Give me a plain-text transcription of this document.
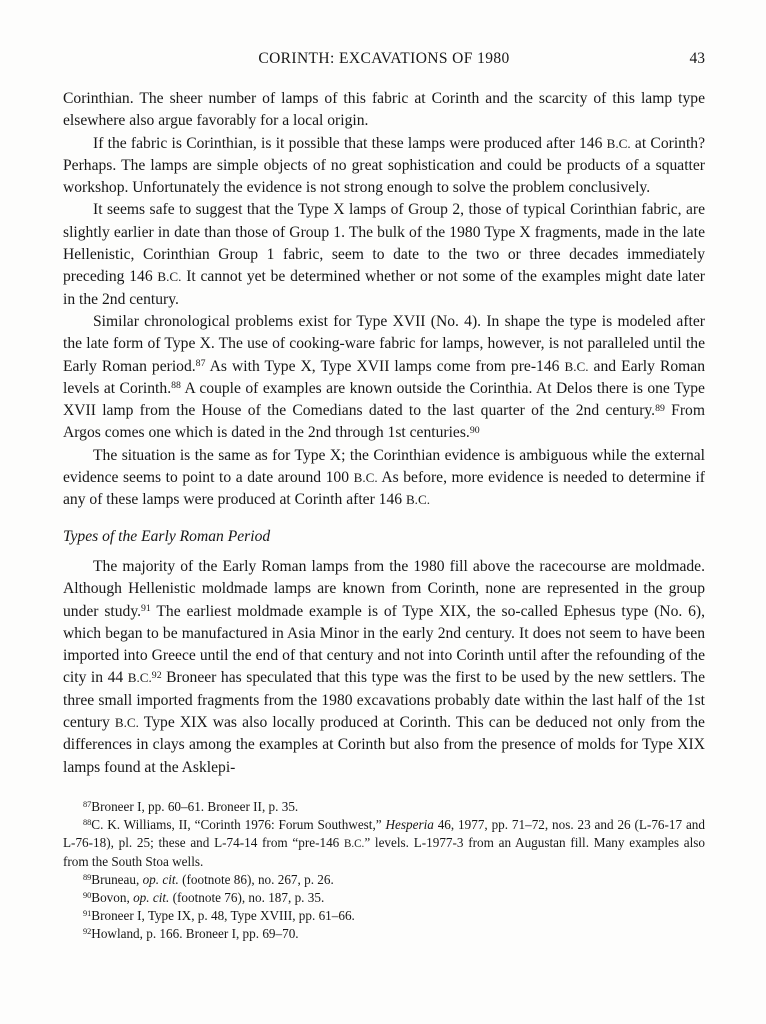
CORINTH: EXCAVATIONS OF 1980	43

Corinthian. The sheer number of lamps of this fabric at Corinth and the scarcity of this lamp type elsewhere also argue favorably for a local origin.

If the fabric is Corinthian, is it possible that these lamps were produced after 146 B.C. at Corinth? Perhaps. The lamps are simple objects of no great sophistication and could be products of a squatter workshop. Unfortunately the evidence is not strong enough to solve the problem conclusively.

It seems safe to suggest that the Type X lamps of Group 2, those of typical Corinthian fabric, are slightly earlier in date than those of Group 1. The bulk of the 1980 Type X fragments, made in the late Hellenistic, Corinthian Group 1 fabric, seem to date to the two or three decades immediately preceding 146 B.C. It cannot yet be determined whether or not some of the examples might date later in the 2nd century.

Similar chronological problems exist for Type XVII (No. 4). In shape the type is modeled after the late form of Type X. The use of cooking-ware fabric for lamps, however, is not paralleled until the Early Roman period.$^{87}$ As with Type X, Type XVII lamps come from pre-146 B.C. and Early Roman levels at Corinth.$^{88}$ A couple of examples are known outside the Corinthia. At Delos there is one Type XVII lamp from the House of the Comedians dated to the last quarter of the 2nd century.$^{89}$ From Argos comes one which is dated in the 2nd through 1st centuries.$^{90}$

The situation is the same as for Type X; the Corinthian evidence is ambiguous while the external evidence seems to point to a date around 100 B.C. As before, more evidence is needed to determine if any of these lamps were produced at Corinth after 146 B.C.

Types of the Early Roman Period

The majority of the Early Roman lamps from the 1980 fill above the racecourse are moldmade. Although Hellenistic moldmade lamps are known from Corinth, none are represented in the group under study.$^{91}$ The earliest moldmade example is of Type XIX, the so-called Ephesus type (No. 6), which began to be manufactured in Asia Minor in the early 2nd century. It does not seem to have been imported into Greece until the end of that century and not into Corinth until after the refounding of the city in 44 B.C.$^{92}$ Broneer has speculated that this type was the first to be used by the new settlers. The three small imported fragments from the 1980 excavations probably date within the last half of the 1st century B.C. Type XIX was also locally produced at Corinth. This can be deduced not only from the differences in clays among the examples at Corinth but also from the presence of molds for Type XIX lamps found at the Asklepi-

$^{87}$Broneer I, pp. 60–61. Broneer II, p. 35.

$^{88}$C. K. Williams, II, “Corinth 1976: Forum Southwest,” Hesperia 46, 1977, pp. 71–72, nos. 23 and 26 (L-76-17 and L-76-18), pl. 25; these and L-74-14 from “pre-146 B.C.” levels. L-1977-3 from an Augustan fill. Many examples also from the South Stoa wells.

$^{89}$Bruneau, op. cit. (footnote 86), no. 267, p. 26.

$^{90}$Bovon, op. cit. (footnote 76), no. 187, p. 35.

$^{91}$Broneer I, Type IX, p. 48, Type XVIII, pp. 61–66.

$^{92}$Howland, p. 166. Broneer I, pp. 69–70.
